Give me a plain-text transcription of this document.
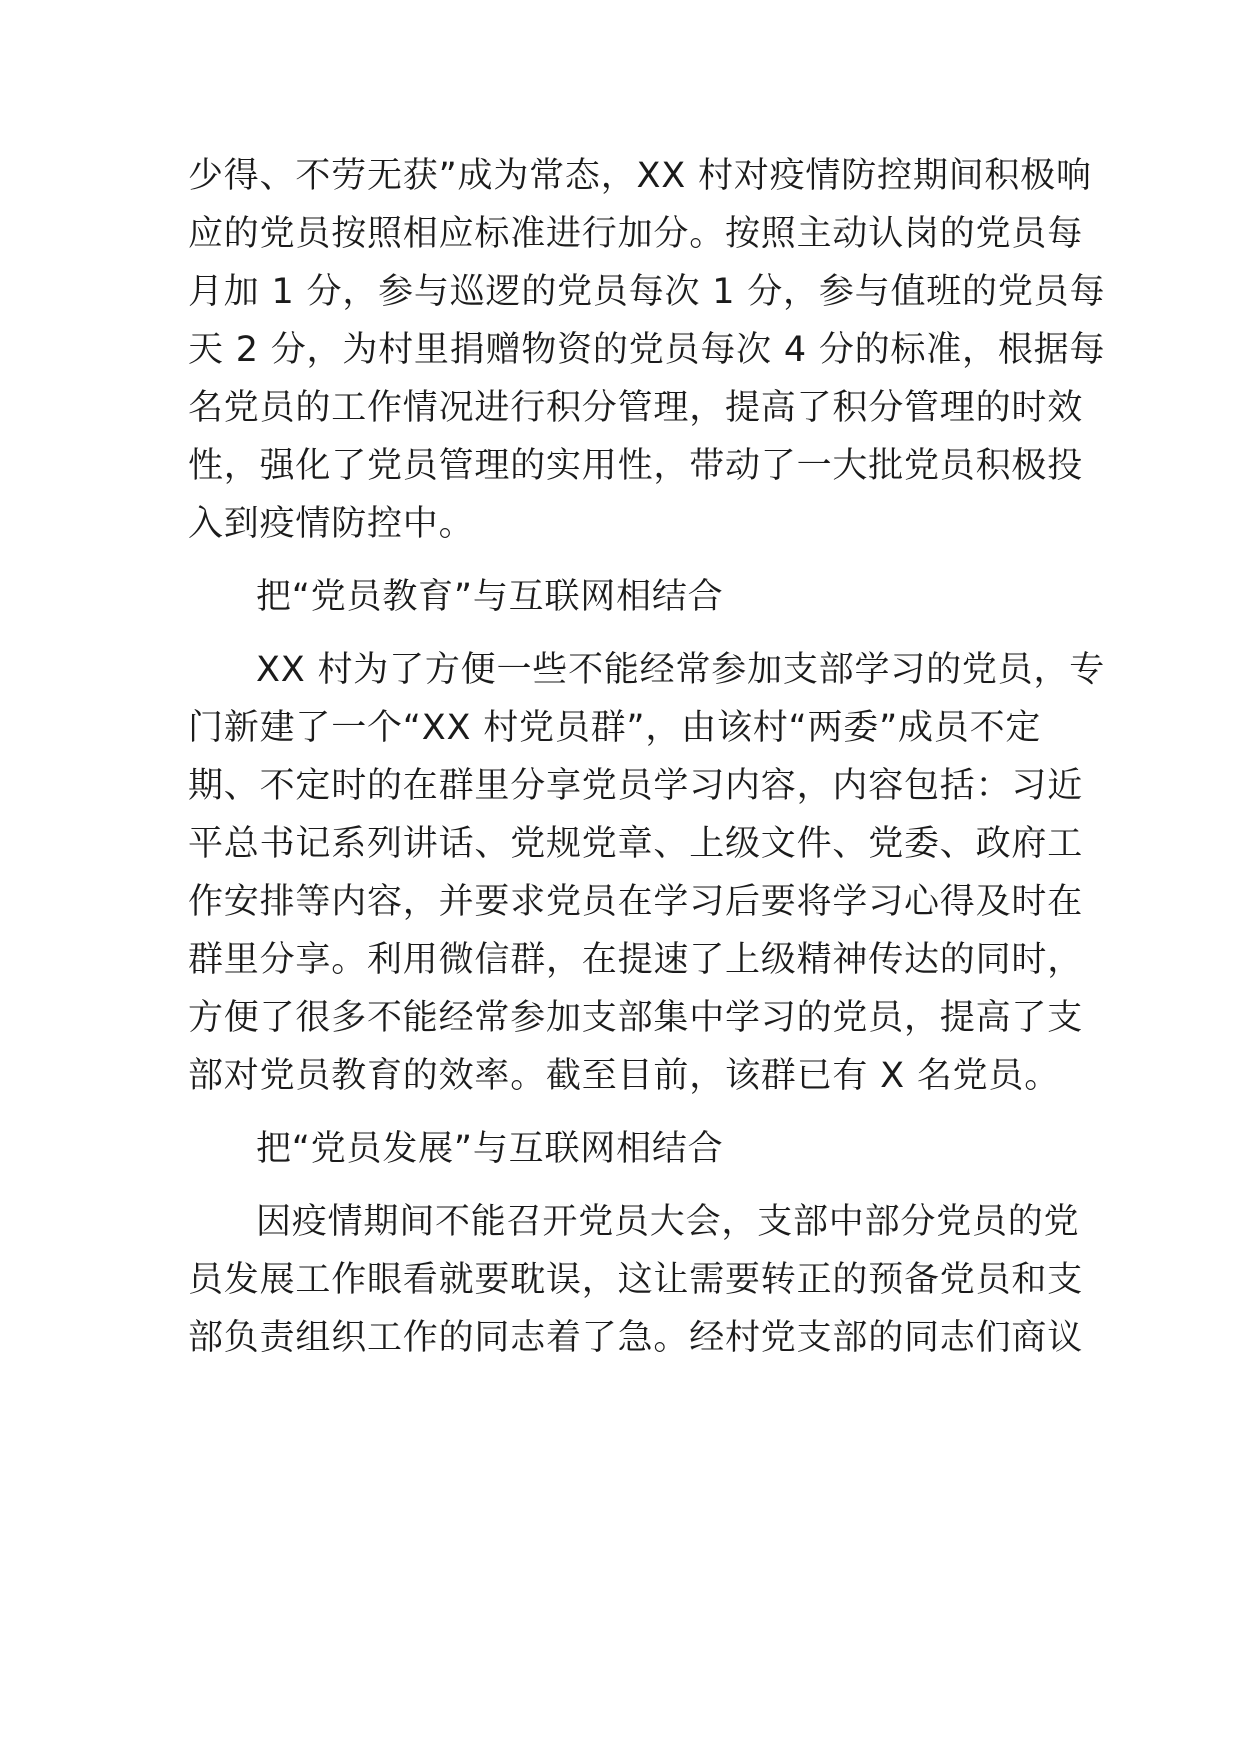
少得、不劳无获”成为常态，XX 村对疫情防控期间积极响
应的党员按照相应标准进行加分。按照主动认岗的党员每
月加 1 分，参与巡逻的党员每次 1 分，参与值班的党员每
天 2 分，为村里捐赠物资的党员每次 4 分的标准，根据每
名党员的工作情况进行积分管理，提高了积分管理的时效
性，强化了党员管理的实用性，带动了一大批党员积极投
入到疫情防控中。
把“党员教育”与互联网相结合
XX 村为了方便一些不能经常参加支部学习的党员，专
门新建了一个“XX 村党员群”，由该村“两委”成员不定
期、不定时的在群里分享党员学习内容，内容包括：习近
平总书记系列讲话、党规党章、上级文件、党委、政府工
作安排等内容，并要求党员在学习后要将学习心得及时在
群里分享。利用微信群，在提速了上级精神传达的同时，
方便了很多不能经常参加支部集中学习的党员，提高了支
部对党员教育的效率。截至目前，该群已有 X 名党员。
把“党员发展”与互联网相结合
因疫情期间不能召开党员大会，支部中部分党员的党
员发展工作眼看就要耽误，这让需要转正的预备党员和支
部负责组织工作的同志着了急。经村党支部的同志们商议
